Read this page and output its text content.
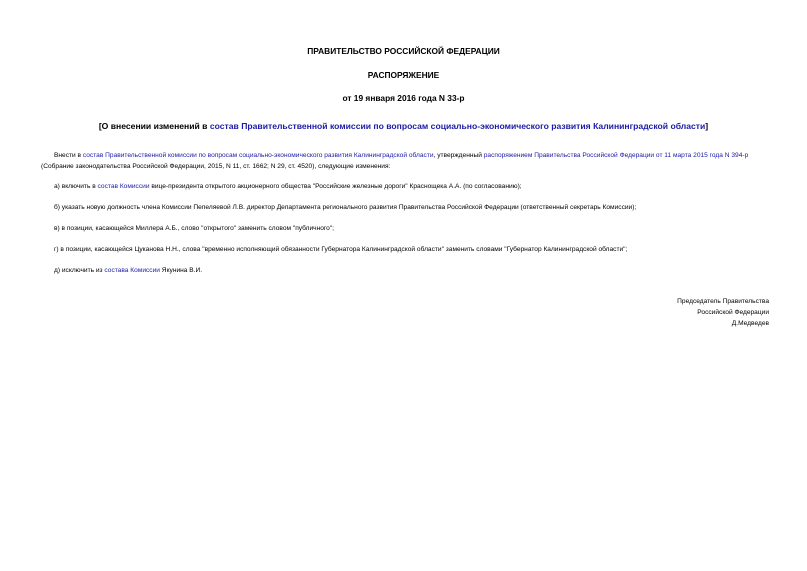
ПРАВИТЕЛЬСТВО РОССИЙСКОЙ ФЕДЕРАЦИИ
РАСПОРЯЖЕНИЕ
от 19 января 2016 года N 33-р
[О внесении изменений в состав Правительственной комиссии по вопросам социально-экономического развития Калининградской области]
Внести в состав Правительственной комиссии по вопросам социально-экономического развития Калининградской области, утвержденный распоряжением Правительства Российской Федерации от 11 марта 2015 года N 394-р (Собрание законодательства Российской Федерации, 2015, N 11, ст. 1662; N 29, ст. 4520), следующие изменения:
а) включить в состав Комиссии вице-президента открытого акционерного общества "Российские железные дороги" Краснощека А.А. (по согласованию);
б) указать новую должность члена Комиссии Пепеляевой Л.В. директор Департамента регионального развития Правительства Российской Федерации (ответственный секретарь Комиссии);
в) в позиции, касающейся Миллера А.Б., слово "открытого" заменить словом "публичного";
г) в позиции, касающейся Цуканова Н.Н., слова "временно исполняющий обязанности Губернатора Калининградской области" заменить словами "Губернатор Калининградской области";
д) исключить из состава Комиссии Якунина В.И.
Председатель Правительства
Российской Федерации
Д.Медведев
